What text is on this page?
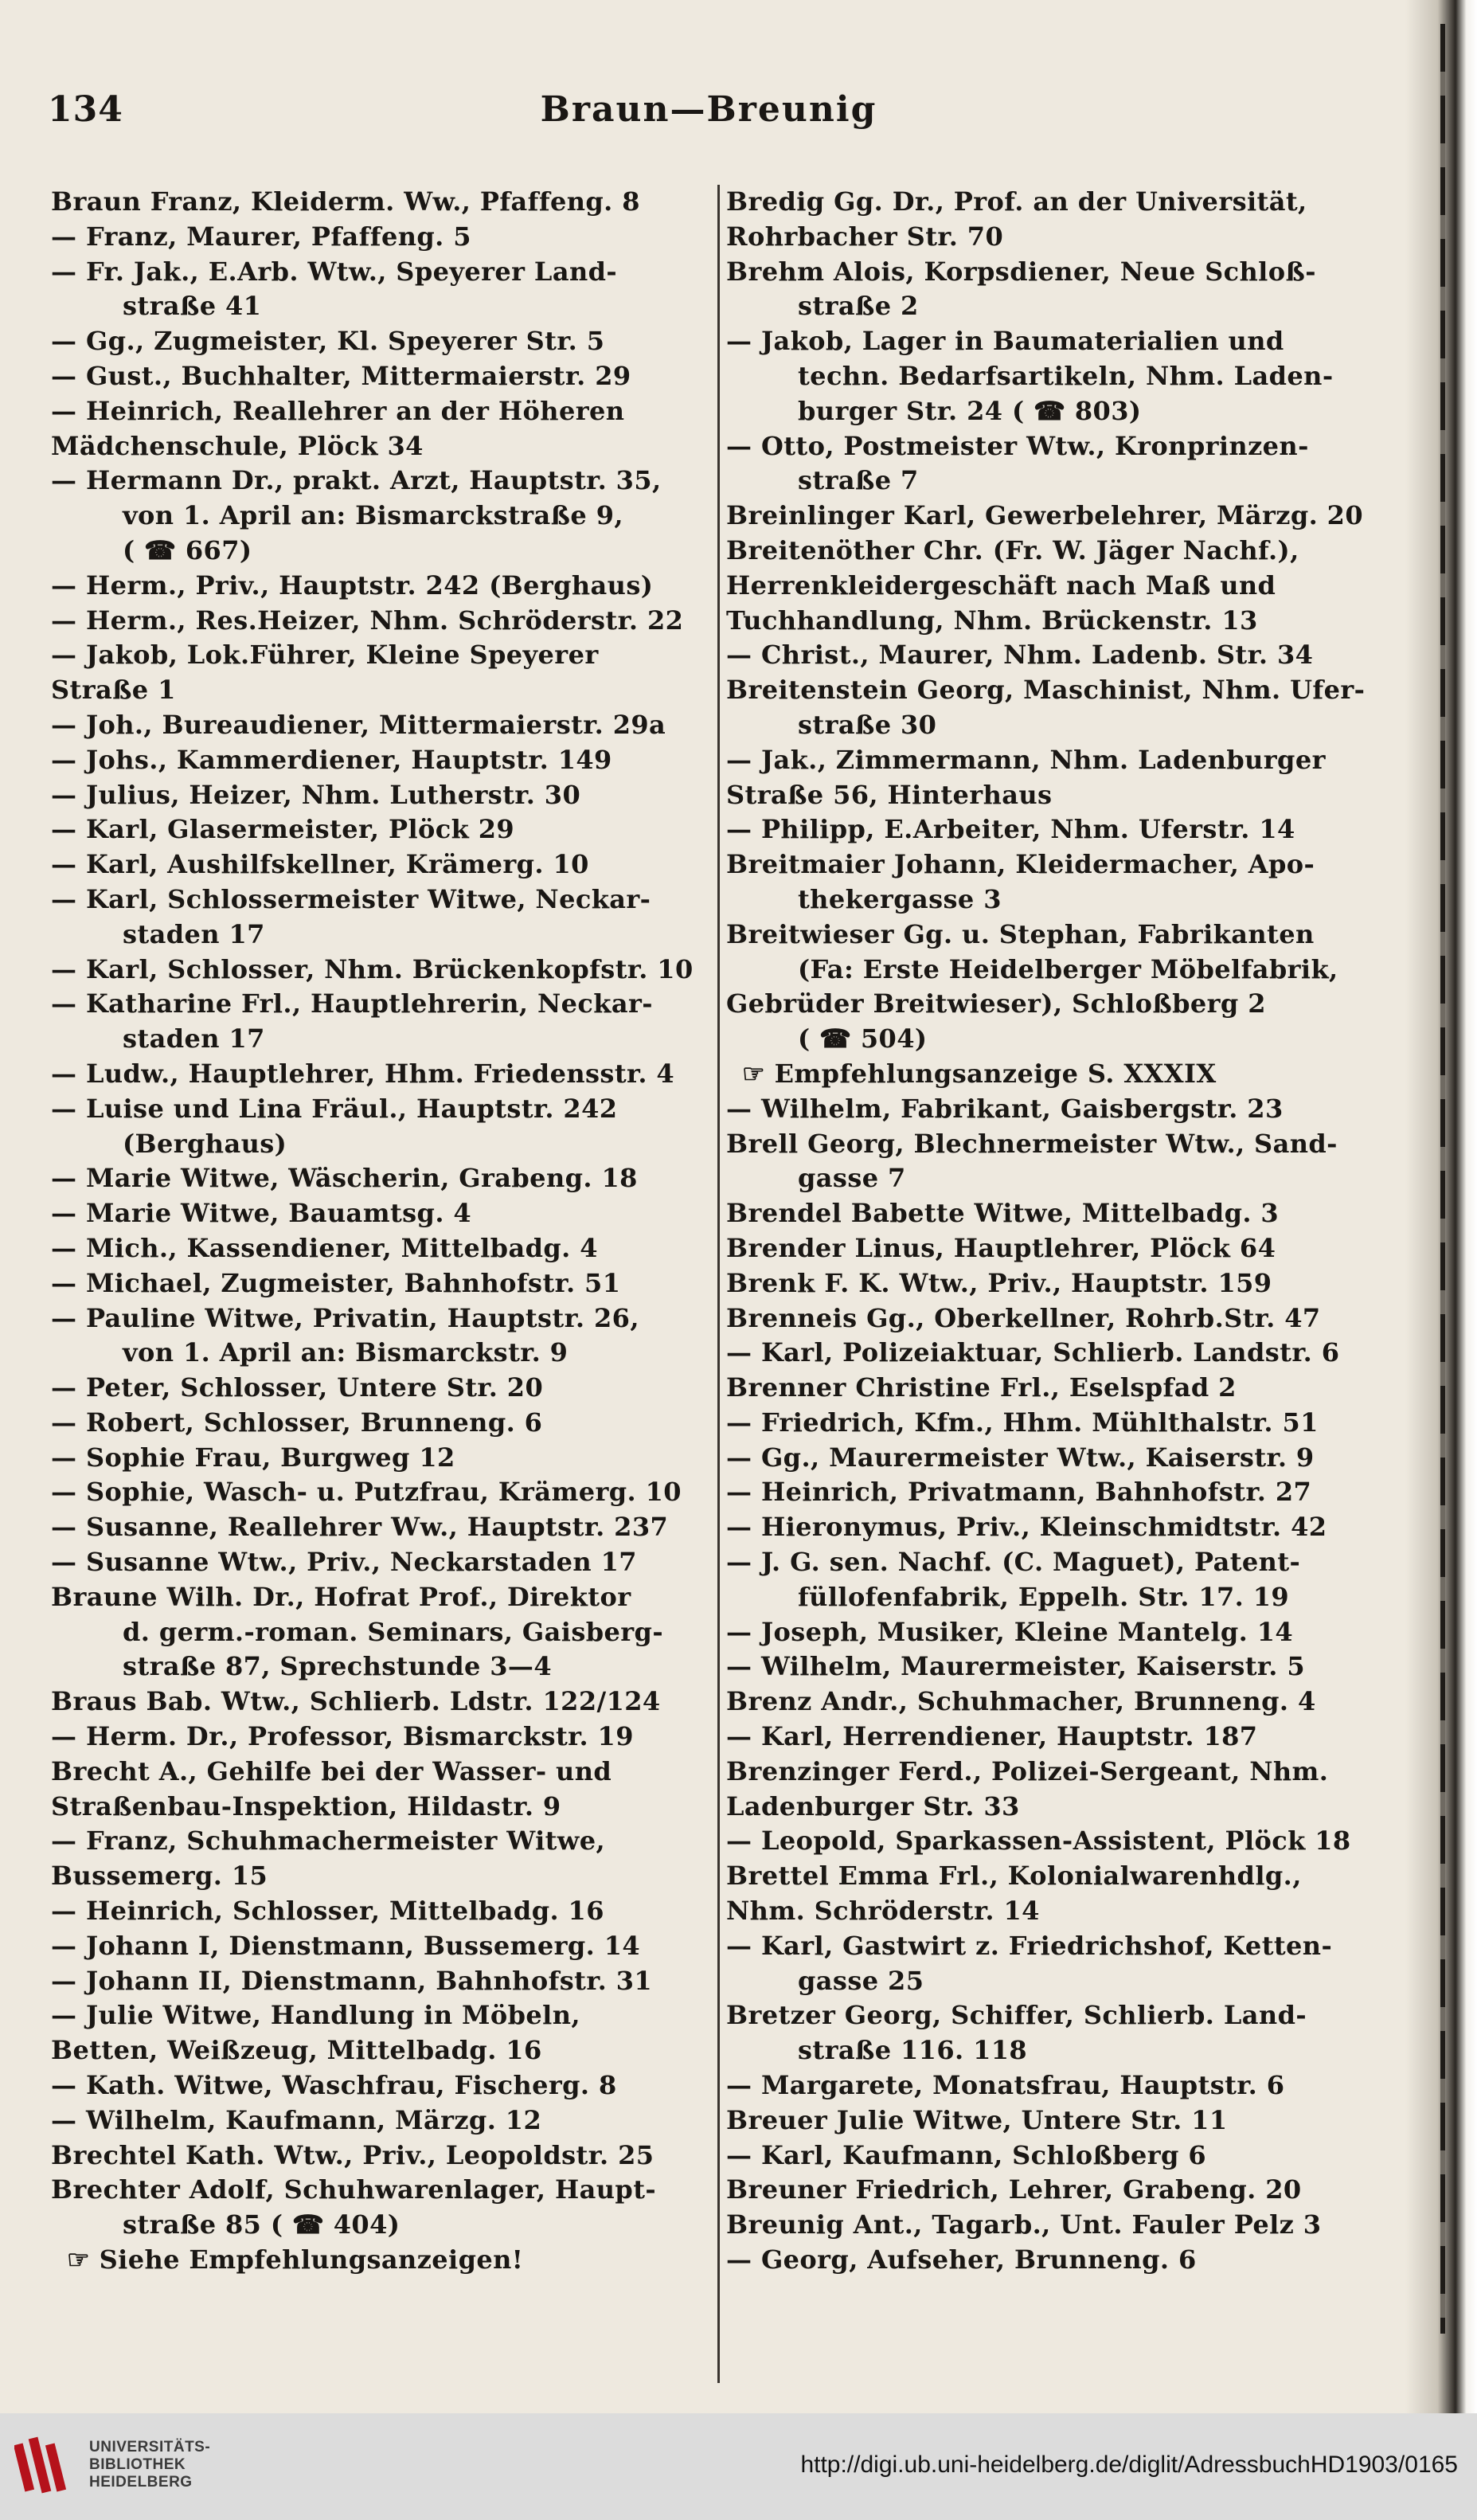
134	Braun—Breunig
Braun Franz, Kleiderm. Ww., Pfaffeng. 8
— Franz, Maurer, Pfaffeng. 5
— Fr. Jak., E.Arb. Wtw., Speyerer Land-
straße 41
— Gg., Zugmeister, Kl. Speyerer Str. 5
— Gust., Buchhalter, Mittermaierstr. 29
— Heinrich, Reallehrer an der Höheren
Mädchenschule, Plöck 34
— Hermann Dr., prakt. Arzt, Hauptstr. 35,
von 1. April an: Bismarckstraße 9,
( ☎ 667)
— Herm., Priv., Hauptstr. 242 (Berghaus)
— Herm., Res.Heizer, Nhm. Schröderstr. 22
— Jakob, Lok.Führer, Kleine Speyerer
Straße 1
— Joh., Bureaudiener, Mittermaierstr. 29a
— Johs., Kammerdiener, Hauptstr. 149
— Julius, Heizer, Nhm. Lutherstr. 30
— Karl, Glasermeister, Plöck 29
— Karl, Aushilfskellner, Krämerg. 10
— Karl, Schlossermeister Witwe, Neckar-
staden 17
— Karl, Schlosser, Nhm. Brückenkopfstr. 10
— Katharine Frl., Hauptlehrerin, Neckar-
staden 17
— Ludw., Hauptlehrer, Hhm. Friedensstr. 4
— Luise und Lina Fräul., Hauptstr. 242
(Berghaus)
— Marie Witwe, Wäscherin, Grabeng. 18
— Marie Witwe, Bauamtsg. 4
— Mich., Kassendiener, Mittelbadg. 4
— Michael, Zugmeister, Bahnhofstr. 51
— Pauline Witwe, Privatin, Hauptstr. 26,
von 1. April an: Bismarckstr. 9
— Peter, Schlosser, Untere Str. 20
— Robert, Schlosser, Brunneng. 6
— Sophie Frau, Burgweg 12
— Sophie, Wasch- u. Putzfrau, Krämerg. 10
— Susanne, Reallehrer Ww., Hauptstr. 237
— Susanne Wtw., Priv., Neckarstaden 17
Braune Wilh. Dr., Hofrat Prof., Direktor
d. germ.-roman. Seminars, Gaisberg-
straße 87, Sprechstunde 3—4
Braus Bab. Wtw., Schlierb. Ldstr. 122/124
— Herm. Dr., Professor, Bismarckstr. 19
Brecht A., Gehilfe bei der Wasser- und
Straßenbau-Inspektion, Hildastr. 9
— Franz, Schuhmachermeister Witwe,
Bussemerg. 15
— Heinrich, Schlosser, Mittelbadg. 16
— Johann I, Dienstmann, Bussemerg. 14
— Johann II, Dienstmann, Bahnhofstr. 31
— Julie Witwe, Handlung in Möbeln,
Betten, Weißzeug, Mittelbadg. 16
— Kath. Witwe, Waschfrau, Fischerg. 8
— Wilhelm, Kaufmann, Märzg. 12
Brechtel Kath. Wtw., Priv., Leopoldstr. 25
Brechter Adolf, Schuhwarenlager, Haupt-
straße 85 ( ☎ 404)
☞ Siehe Empfehlungsanzeigen!
Bredig Gg. Dr., Prof. an der Universität,
Rohrbacher Str. 70
Brehm Alois, Korpsdiener, Neue Schloß-
straße 2
— Jakob, Lager in Baumaterialien und
techn. Bedarfsartikeln, Nhm. Laden-
burger Str. 24 ( ☎ 803)
— Otto, Postmeister Wtw., Kronprinzen-
straße 7
Breinlinger Karl, Gewerbelehrer, Märzg. 20
Breitenöther Chr. (Fr. W. Jäger Nachf.),
Herrenkleidergeschäft nach Maß und
Tuchhandlung, Nhm. Brückenstr. 13
— Christ., Maurer, Nhm. Ladenb. Str. 34
Breitenstein Georg, Maschinist, Nhm. Ufer-
straße 30
— Jak., Zimmermann, Nhm. Ladenburger
Straße 56, Hinterhaus
— Philipp, E.Arbeiter, Nhm. Uferstr. 14
Breitmaier Johann, Kleidermacher, Apo-
thekergasse 3
Breitwieser Gg. u. Stephan, Fabrikanten
(Fa: Erste Heidelberger Möbelfabrik,
Gebrüder Breitwieser), Schloßberg 2
( ☎ 504)
☞ Empfehlungsanzeige S. XXXIX
— Wilhelm, Fabrikant, Gaisbergstr. 23
Brell Georg, Blechnermeister Wtw., Sand-
gasse 7
Brendel Babette Witwe, Mittelbadg. 3
Brender Linus, Hauptlehrer, Plöck 64
Brenk F. K. Wtw., Priv., Hauptstr. 159
Brenneis Gg., Oberkellner, Rohrb.Str. 47
— Karl, Polizeiaktuar, Schlierb. Landstr. 6
Brenner Christine Frl., Eselspfad 2
— Friedrich, Kfm., Hhm. Mühlthalstr. 51
— Gg., Maurermeister Wtw., Kaiserstr. 9
— Heinrich, Privatmann, Bahnhofstr. 27
— Hieronymus, Priv., Kleinschmidtstr. 42
— J. G. sen. Nachf. (C. Maguet), Patent-
füllofenfabrik, Eppelh. Str. 17. 19
— Joseph, Musiker, Kleine Mantelg. 14
— Wilhelm, Maurermeister, Kaiserstr. 5
Brenz Andr., Schuhmacher, Brunneng. 4
— Karl, Herrendiener, Hauptstr. 187
Brenzinger Ferd., Polizei-Sergeant, Nhm.
Ladenburger Str. 33
— Leopold, Sparkassen-Assistent, Plöck 18
Brettel Emma Frl., Kolonialwarenhdlg.,
Nhm. Schröderstr. 14
— Karl, Gastwirt z. Friedrichshof, Ketten-
gasse 25
Bretzer Georg, Schiffer, Schlierb. Land-
straße 116. 118
— Margarete, Monatsfrau, Hauptstr. 6
Breuer Julie Witwe, Untere Str. 11
— Karl, Kaufmann, Schloßberg 6
Breuner Friedrich, Lehrer, Grabeng. 20
Breunig Ant., Tagarb., Unt. Fauler Pelz 3
— Georg, Aufseher, Brunneng. 6
UNIVERSITÄTS-
BIBLIOTHEK
HEIDELBERG
http://digi.ub.uni-heidelberg.de/diglit/AdressbuchHD1903/0165
